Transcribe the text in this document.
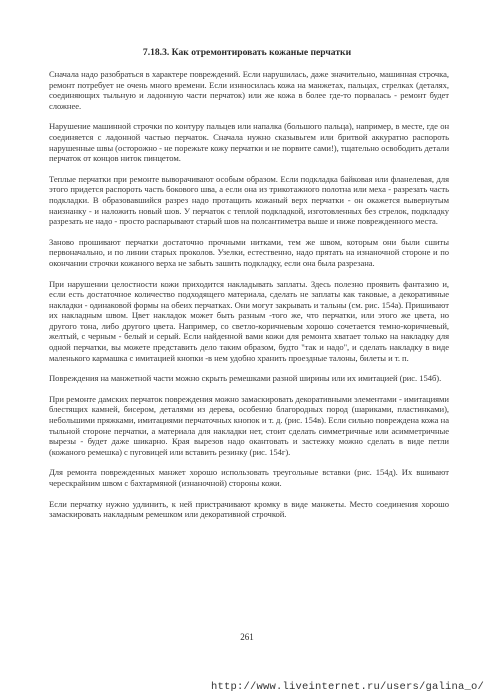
7.18.3. Как отремонтировать кожаные перчатки

Сначала надо разобраться в характере повреждений. Если нарушилась, даже значительно, машинная строчка, ремонт потребует не очень много времени. Если изнносилась кожа на манжетах, пальцах, стрелках (деталях, соединяющих тыльную и ладонную части перчаток) или же кожа в более где-то порвалась - ремонт будет сложнее.

Нарушение машинной строчки по контуру пальцев или напалка (большого пальца), например, в месте, где он соединяется с ладонной частью перчаток. Сначала нужно сказывьгем или бритвой аккуратно распороть нарушенные швы (осторожно - не порежьте кожу перчатки и не порвите сами!), тщательно освободить детали перчаток от концов ниток пинцетом.

Теплые перчатки при ремонте выворачивают особым образом. Если подкладка байковая или фланелевая, для этого придется распороть часть бокового шва, а если она из трикотажного полотна или меха - разрезать часть подкладки. В образовавшийся разрез надо протащить кожаный верх перчатки - он окажется вывернутым наизнанку - и наложить новый шов. У перчаток с теплой подкладкой, изготовленных без стрелок, подкладку разрезать не надо - просто распарывают старый шов на полсантиметра выше и ниже поврежденного места.

Заново прошивают перчатки достаточно прочными нитками, тем же швом, которым они были сшиты первоначально, и по линии старых проколов. Узелки, естественно, надо прятать на изнаночной стороне и по окончании строчки кожаного верха не забыть зашить подкладку, если она была разрезана.

При нарушении целостности кожи приходится накладывать заплаты. Здесь полезно проявить фантазию и, если есть достаточное количество подходящего материала, сделать не заплаты как таковые, а декоративные накладки - одинаковой формы на обеих перчатках. Они могут закрывать и тальны (см. рис. 154а). Пришивают их накладным швом. Цвет накладок может быть разным -того же, что перчатки, или этого же цвета, но другого тона, либо другого цвета. Например, со светло-коричневым хорошо сочетается темно-коричневый, желтый, с черным - белый и серый. Если найденной вами кожи для ремонта хватает только на накладку для одной перчатки, вы можете представить дело таким образом, будто "так и надо", и сделать накладку в виде маленького кармашка с имитацией кнопки -в нем удобно хранить проездные талоны, билеты и т. п.

Повреждения на манжетной части можно скрыть ремешками разной ширины или их имитацией (рис. 154б).

При ремонте дамских перчаток повреждения можно замаскировать декоративными элементами - имитациями блестящих камней, бисером, деталями из дерева, особенно благородных пород (шариками, пластинками), небольшими пряжками, имитациями перчаточных кнопок и т. д. (рис. 154в). Если сильно повреждена кожа на тыльной стороне перчатки, а материала для накладки нет, стоит сделать симметричные или асимметричные вырезы - будет даже шикарно. Края вырезов надо окантовать и застежку можно сделать в виде петли (кожаного ремешка) с пуговицей или вставить резинку (рис. 154г).

Для ремонта поврежденных манжет хорошо использовать треугольные вставки (рис. 154д). Их вшивают черескрайним швом с бахтармяной (изнаночной) стороны кожи.

Если перчатку нужно удлинить, к ней пристрачивают кромку в виде манжеты. Место соединения хорошо замаскировать накладным ремешком или декоративной строчкой.

261
http://www.liveinternet.ru/users/galina_o/
